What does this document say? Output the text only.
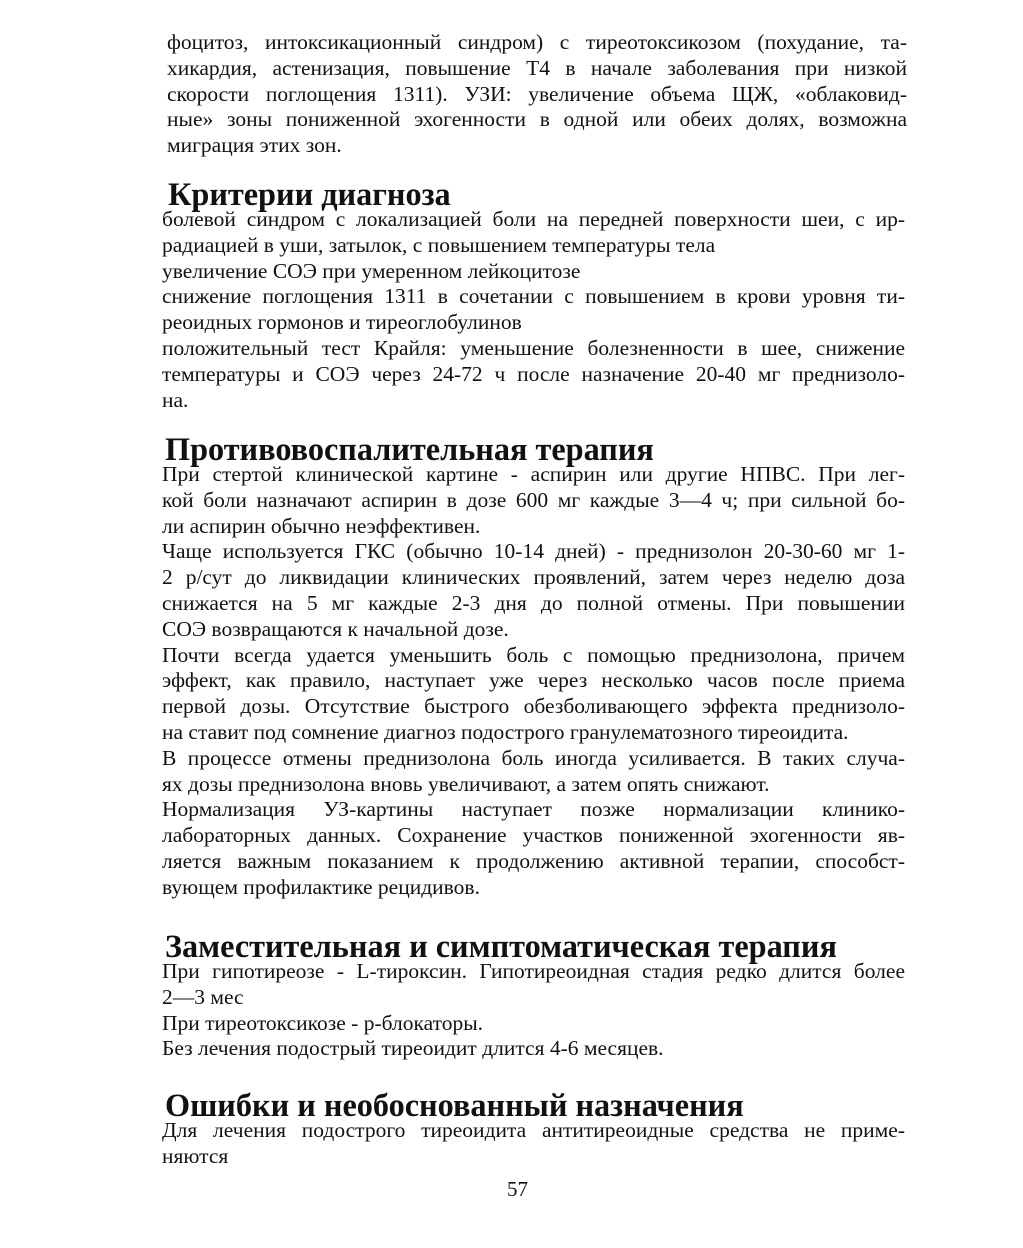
фоцитоз, интоксикационный синдром) с тиреотоксикозом (похудание, та-
хикардия, астенизация, повышение Т4 в начале заболевания при низкой
скорости поглощения 1311). УЗИ: увеличение объема ЩЖ, «облаковид-
ные» зоны пониженной эхогенности в одной или обеих долях, возможна
миграция этих зон.

Критерии диагноза

болевой синдром с локализацией боли на передней поверхности шеи, с ир-
радиацией в уши, затылок, с повышением температуры тела

увеличение СОЭ при умеренном лейкоцитозе

снижение поглощения 1311 в сочетании с повышением в крови уровня ти-
реоидных гормонов и тиреоглобулинов

положительный тест Крайля: уменьшение болезненности в шее, снижение
температуры и СОЭ через 24-72 ч после назначение 20-40 мг преднизоло-
на.

Противовоспалительная терапия

При стертой клинической картине - аспирин или другие НПВС. При лег-
кой боли назначают аспирин в дозе 600 мг каждые 3—4 ч; при сильной бо-
ли аспирин обычно неэффективен.

Чаще используется ГКС (обычно 10-14 дней) - преднизолон 20-30-60 мг 1-
2 р/сут до ликвидации клинических проявлений, затем через неделю доза
снижается на 5 мг каждые 2-3 дня до полной отмены. При повышении
СОЭ возвращаются к начальной дозе.

Почти всегда удается уменьшить боль с помощью преднизолона, причем
эффект, как правило, наступает уже через несколько часов после приема
первой дозы. Отсутствие быстрого обезболивающего эффекта преднизоло-
на ставит под сомнение диагноз подострого гранулематозного тиреоидита.

В процессе отмены преднизолона боль иногда усиливается. В таких случа-
ях дозы преднизолона вновь увеличивают, а затем опять снижают.

Нормализация УЗ-картины наступает позже нормализации клинико-
лабораторных данных. Сохранение участков пониженной эхогенности яв-
ляется важным показанием к продолжению активной терапии, способст-
вующем профилактике рецидивов.

Заместительная и симптоматическая терапия

При гипотиреозе - L-тироксин. Гипотиреоидная стадия редко длится более
2—3 мес

При тиреотоксикозе - р-блокаторы.

Без лечения подострый тиреоидит длится 4-6 месяцев.

Ошибки и необоснованный назначения

Для лечения подострого тиреоидита антитиреоидные средства не приме-
няются

57
